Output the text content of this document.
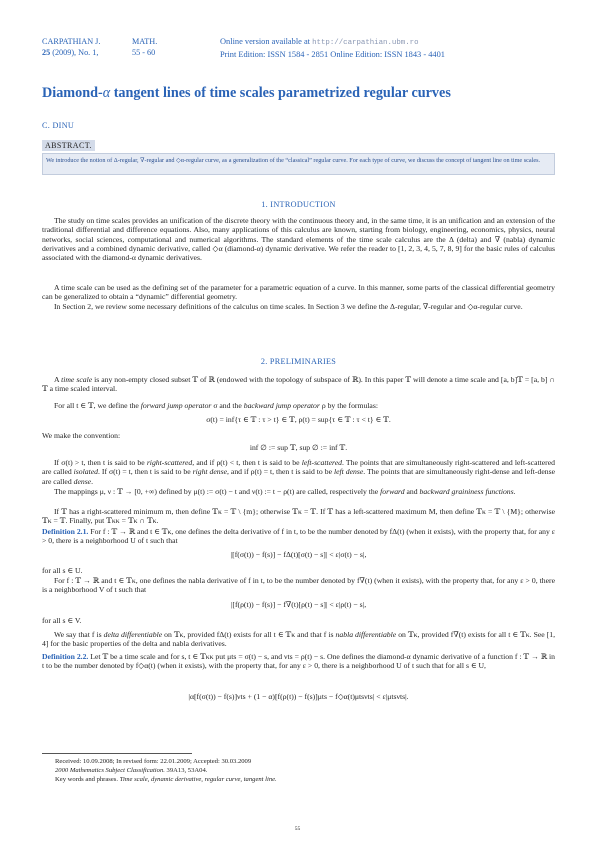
CARPATHIAN J.	MATH.
25 (2009), No. 1,	55 - 60
Online version available at http://carpathian.ubm.ro
Print Edition: ISSN 1584 - 2851 Online Edition: ISSN 1843 - 4401
Diamond-α tangent lines of time scales parametrized regular curves
C. DINU
ABSTRACT.
We introduce the notion of Δ-regular, ∇-regular and ◇α-regular curve, as a generalization of the “classical” regular curve. For each type of curve, we discuss the concept of tangent line on time scales.
1. INTRODUCTION
The study on time scales provides an unification of the discrete theory with the continuous theory and, in the same time, it is an unification and an extension of the traditional differential and difference equations. Also, many applications of this calculus are known, starting from biology, engineering, economics, physics, neural networks, social sciences, computational and numerical algorithms. The standard elements of the time scale calculus are the Δ (delta) and ∇ (nabla) dynamic derivatives and a combined dynamic derivative, called ◇α (diamond-α) dynamic derivative. We refer the reader to [1, 2, 3, 4, 5, 7, 8, 9] for the basic rules of calculus associated with the diamond-α dynamic derivatives.
A time scale can be used as the defining set of the parameter for a parametric equation of a curve. In this manner, some parts of the classical differential geometry can be generalized to obtain a “dynamic” differential geometry.
In Section 2, we review some necessary definitions of the calculus on time scales. In Section 3 we define the Δ-regular, ∇-regular and ◇α-regular curve.
2. PRELIMINARIES
A time scale is any non-empty closed subset 𝕋 of ℝ (endowed with the topology of subspace of ℝ). In this paper 𝕋 will denote a time scale and [a, b]𝕋 = [a, b] ∩ 𝕋 a time scaled interval.
For all t ∈ 𝕋, we define the forward jump operator σ and the backward jump operator ρ by the formulas:
σ(t) = inf{τ ∈ 𝕋 : τ > t} ∈ 𝕋, ρ(t) = sup{τ ∈ 𝕋 : τ < t} ∈ 𝕋.
We make the convention:
inf ∅ := sup 𝕋, sup ∅ := inf 𝕋.
If σ(t) > t, then t is said to be right-scattered, and if ρ(t) < t, then t is said to be left-scattered. The points that are simultaneously right-scattered and left-scattered are called isolated. If σ(t) = t, then t is said to be right dense, and if ρ(t) = t, then t is said to be left dense. The points that are simultaneously right-dense and left-dense are called dense.
The mappings μ, ν : 𝕋 → [0, +∞) defined by μ(t) := σ(t) − t and ν(t) := t − ρ(t) are called, respectively the forward and backward graininess functions.
If 𝕋 has a right-scattered minimum m, then define 𝕋κ = 𝕋 \ {m}; otherwise 𝕋κ = 𝕋. If 𝕋 has a left-scattered maximum M, then define 𝕋κ = 𝕋 \ {M}; otherwise 𝕋κ = 𝕋. Finally, put 𝕋κκ = 𝕋κ ∩ 𝕋κ.
Definition 2.1. For f : 𝕋 → ℝ and t ∈ 𝕋κ, one defines the delta derivative of f in t, to be the number denoted by fΔ(t) (when it exists), with the property that, for any ε > 0, there is a neighborhood U of t such that
|[f(σ(t)) − f(s)] − fΔ(t)[σ(t) − s]| < ε|σ(t) − s|,
for all s ∈ U.
For f : 𝕋 → ℝ and t ∈ 𝕋κ, one defines the nabla derivative of f in t, to be the number denoted by f∇(t) (when it exists), with the property that, for any ε > 0, there is a neighborhood V of t such that
|[f(ρ(t)) − f(s)] − f∇(t)[ρ(t) − s]| < ε|ρ(t) − s|,
for all s ∈ V.
We say that f is delta differentiable on 𝕋κ, provided fΔ(t) exists for all t ∈ 𝕋κ and that f is nabla differentiable on 𝕋κ, provided f∇(t) exists for all t ∈ 𝕋κ. See [1, 4] for the basic properties of the delta and nabla derivatives.
Definition 2.2. Let 𝕋 be a time scale and for s, t ∈ 𝕋κκ put μts = σ(t) − s, and νts = ρ(t) − s. One defines the diamond-α dynamic derivative of a function f : 𝕋 → ℝ in t to be the number denoted by f◇α(t) (when it exists), with the property that, for any ε > 0, there is a neighborhood U of t such that for all s ∈ U,
|α[f(σ(t)) − f(s)]νts + (1 − α)[f(ρ(t)) − f(s)]μts − f◇α(t)μtsνts| < ε|μtsνts|.
Received: 10.09.2008; In revised form: 22.01.2009; Accepted: 30.03.2009
2000 Mathematics Subject Classification. 39A13, 53A04.
Key words and phrases. Time scale, dynamic derivative, regular curve, tangent line.
55
